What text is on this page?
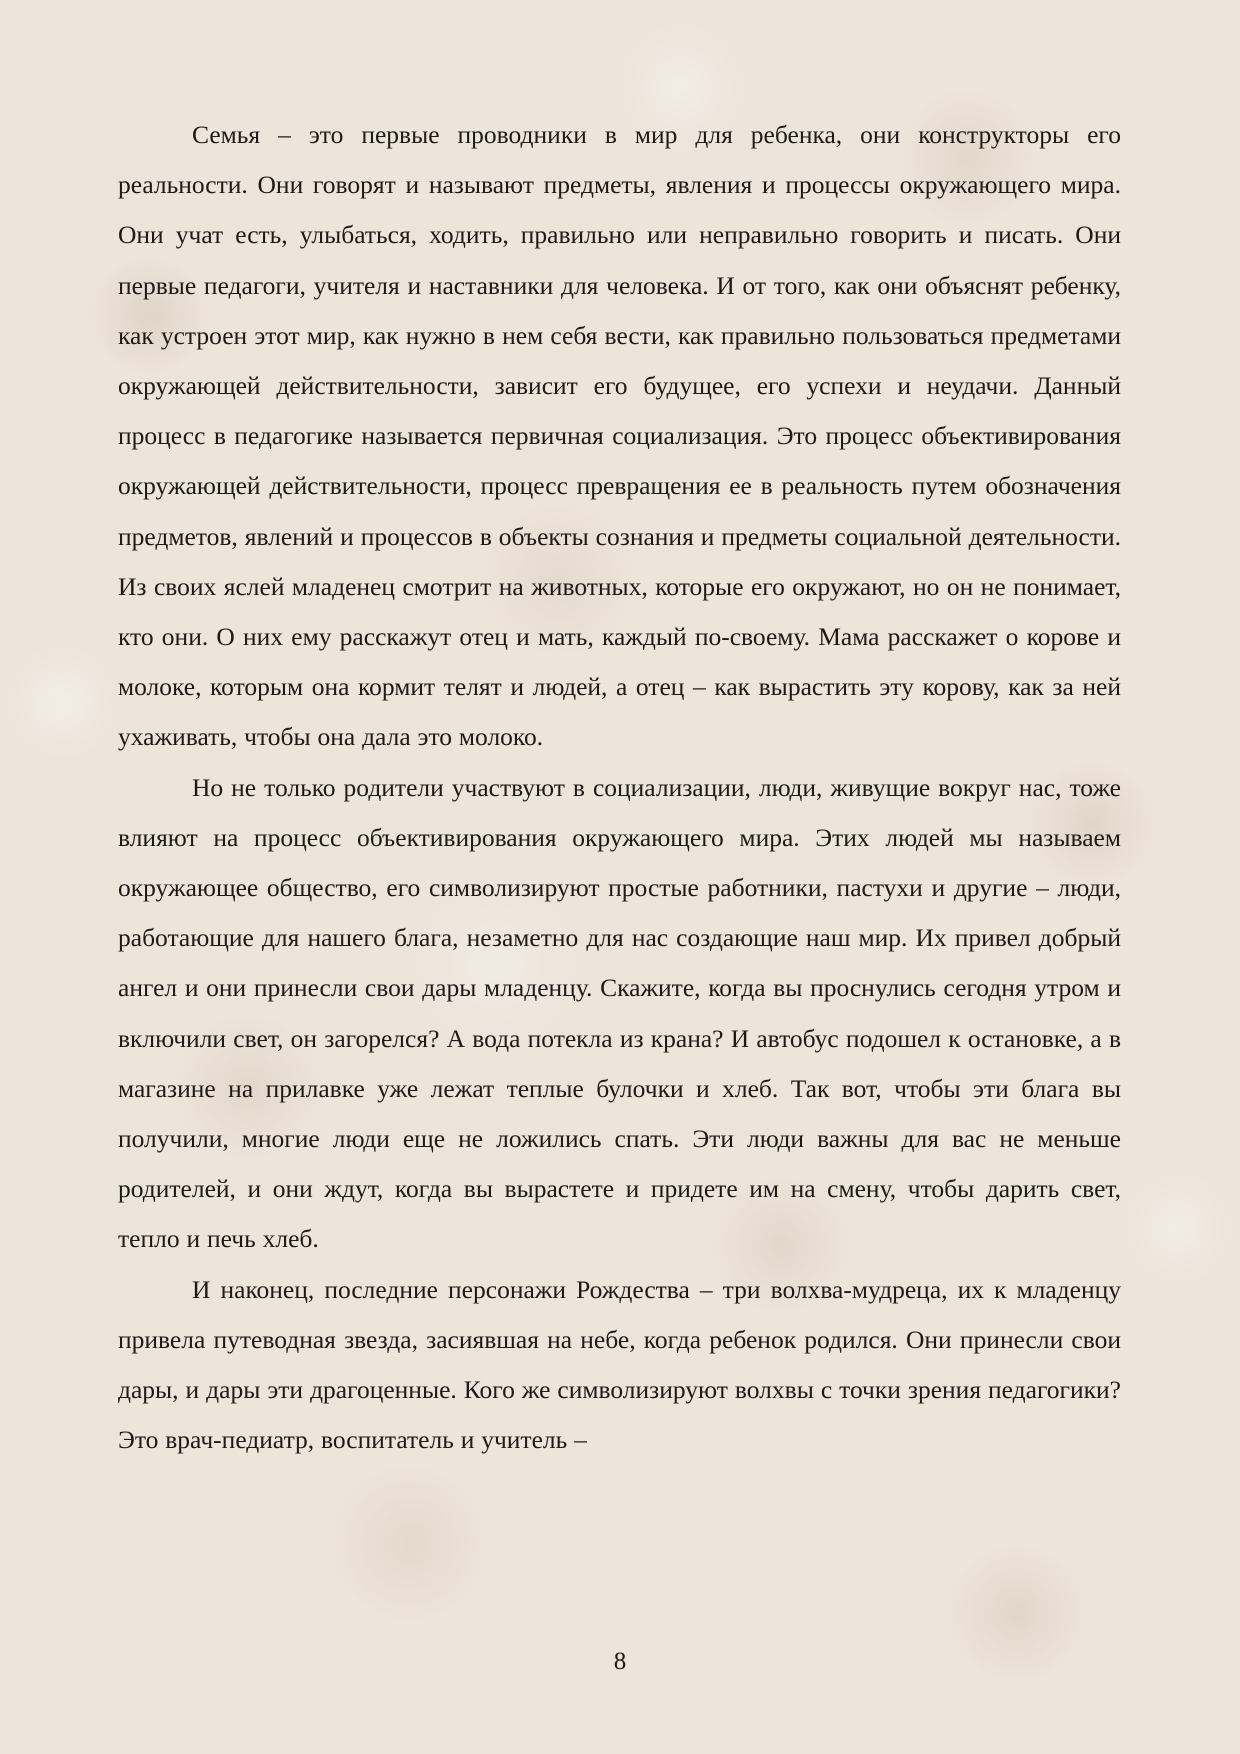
Семья – это первые проводники в мир для ребенка, они конструкторы его реальности. Они говорят и называют предметы, явления и процессы окружающего мира. Они учат есть, улыбаться, ходить, правильно или неправильно говорить и писать. Они первые педагоги, учителя и наставники для человека. И от того, как они объяснят ребенку, как устроен этот мир, как нужно в нем себя вести, как правильно пользоваться предметами окружающей действительности, зависит его будущее, его успехи и неудачи. Данный процесс в педагогике называется первичная социализация. Это процесс объективирования окружающей действительности, процесс превращения ее в реальность путем обозначения предметов, явлений и процессов в объекты сознания и предметы социальной деятельности. Из своих яслей младенец смотрит на животных, которые его окружают, но он не понимает, кто они. О них ему расскажут отец и мать, каждый по-своему. Мама расскажет о корове и молоке, которым она кормит телят и людей, а отец – как вырастить эту корову, как за ней ухаживать, чтобы она дала это молоко.

Но не только родители участвуют в социализации, люди, живущие вокруг нас, тоже влияют на процесс объективирования окружающего мира. Этих людей мы называем окружающее общество, его символизируют простые работники, пастухи и другие – люди, работающие для нашего блага, незаметно для нас создающие наш мир. Их привел добрый ангел и они принесли свои дары младенцу. Скажите, когда вы проснулись сегодня утром и включили свет, он загорелся? А вода потекла из крана? И автобус подошел к остановке, а в магазине на прилавке уже лежат теплые булочки и хлеб. Так вот, чтобы эти блага вы получили, многие люди еще не ложились спать. Эти люди важны для вас не меньше родителей, и они ждут, когда вы вырастете и придете им на смену, чтобы дарить свет, тепло и печь хлеб.

И наконец, последние персонажи Рождества – три волхва-мудреца, их к младенцу привела путеводная звезда, засиявшая на небе, когда ребенок родился. Они принесли свои дары, и дары эти драгоценные. Кого же символизируют волхвы с точки зрения педагогики? Это врач-педиатр, воспитатель и учитель –

8
